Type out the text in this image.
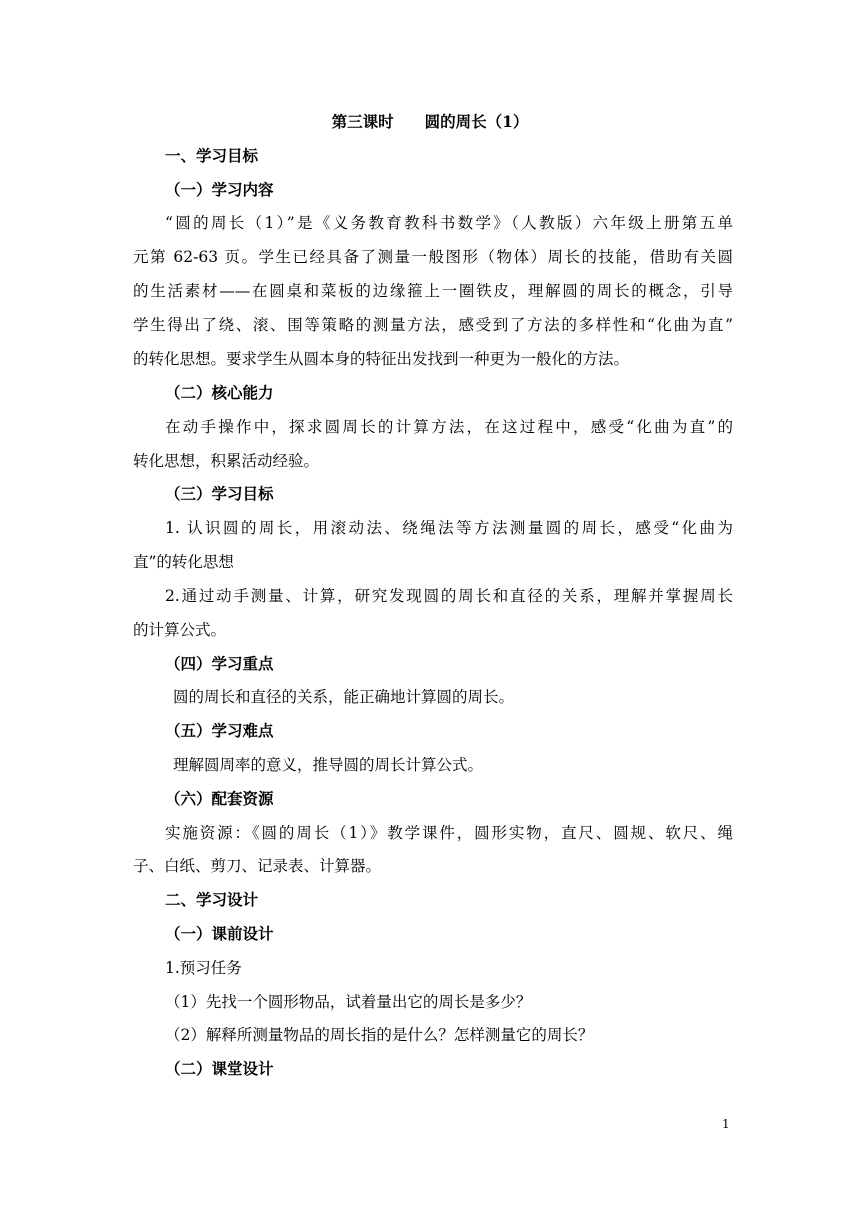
第三课时　　圆的周长（1）
一、学习目标
（一）学习内容
“圆的周长（1）”是《义务教育教科书数学》（人教版）六年级上册第五单
元第 62-63 页。学生已经具备了测量一般图形（物体）周长的技能，借助有关圆
的生活素材——在圆桌和菜板的边缘箍上一圈铁皮，理解圆的周长的概念，引导
学生得出了绕、滚、围等策略的测量方法，感受到了方法的多样性和“化曲为直”
的转化思想。要求学生从圆本身的特征出发找到一种更为一般化的方法。
（二）核心能力
在动手操作中，探求圆周长的计算方法，在这过程中，感受“化曲为直”的
转化思想，积累活动经验。
（三）学习目标
1. 认识圆的周长，用滚动法、绕绳法等方法测量圆的周长，感受“化曲为
直”的转化思想
2.通过动手测量、计算，研究发现圆的周长和直径的关系，理解并掌握周长
的计算公式。
（四）学习重点
圆的周长和直径的关系，能正确地计算圆的周长。
（五）学习难点
理解圆周率的意义，推导圆的周长计算公式。
（六）配套资源
实施资源：《圆的周长（1）》教学课件，圆形实物，直尺、圆规、软尺、绳
子、白纸、剪刀、记录表、计算器。
二、学习设计
（一）课前设计
1.预习任务
（1）先找一个圆形物品，试着量出它的周长是多少？
（2）解释所测量物品的周长指的是什么？怎样测量它的周长？
（二）课堂设计
1
